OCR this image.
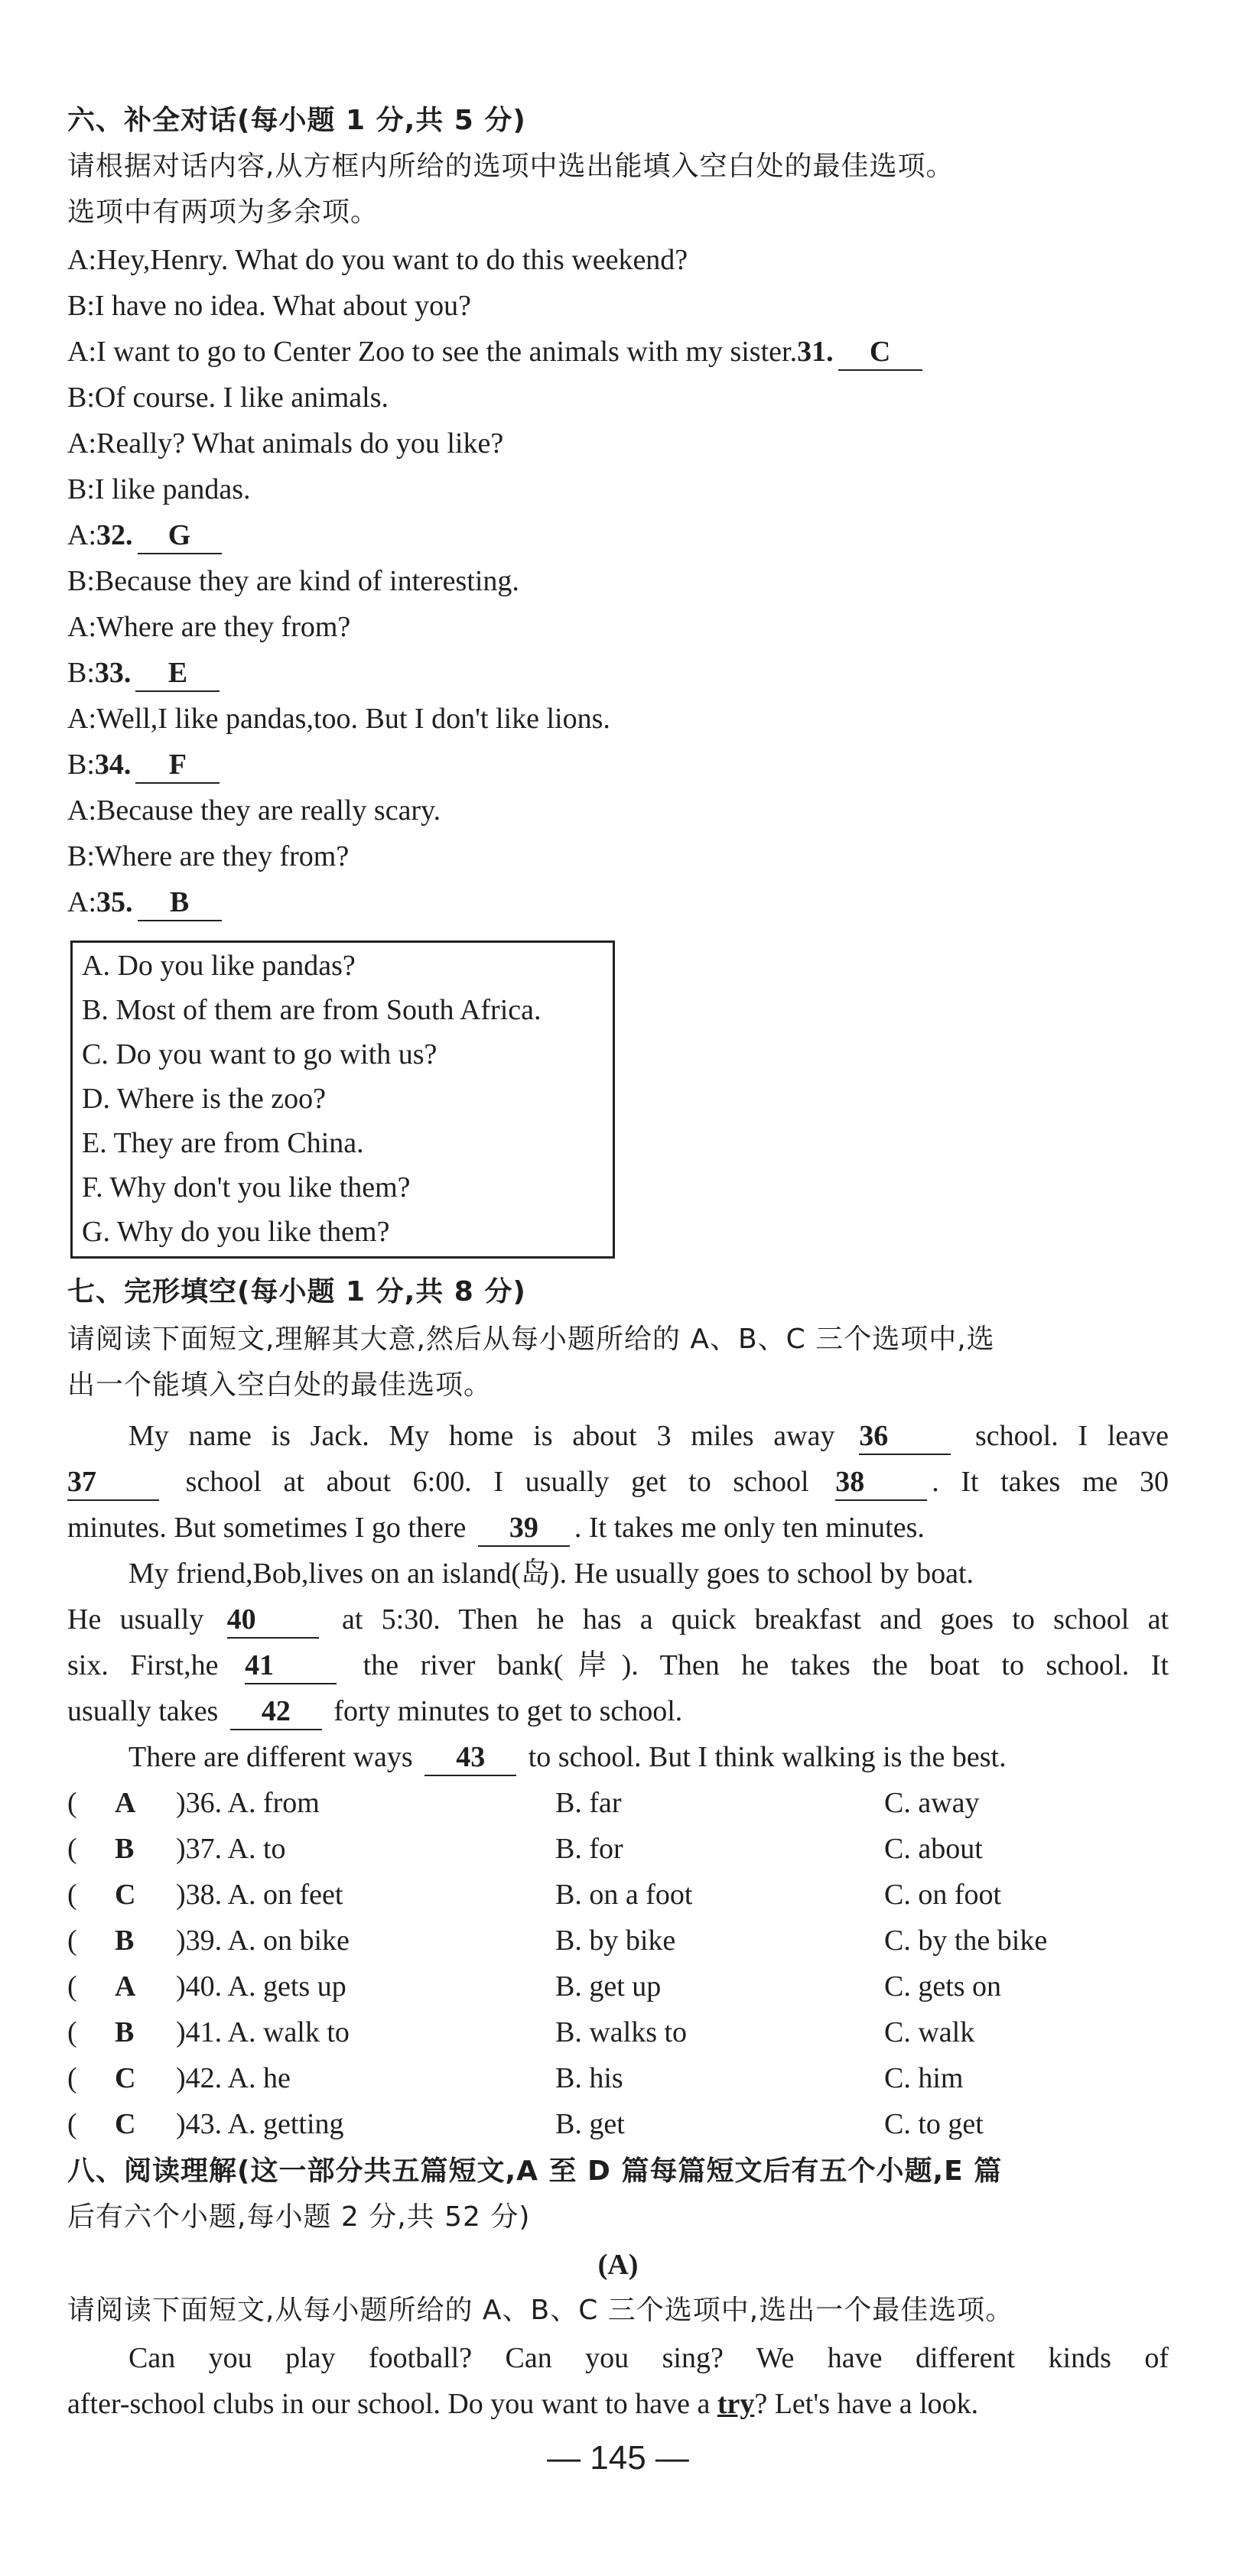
六、补全对话(每小题 1 分,共 5 分)
请根据对话内容,从方框内所给的选项中选出能填入空白处的最佳选项。
选项中有两项为多余项。
A:Hey,Henry. What do you want to do this weekend?
B:I have no idea. What about you?
A:I want to go to Center Zoo to see the animals with my sister.31. C
B:Of course. I like animals.
A:Really? What animals do you like?
B:I like pandas.
A:32. G
B:Because they are kind of interesting.
A:Where are they from?
B:33. E
A:Well,I like pandas,too. But I don't like lions.
B:34. F
A:Because they are really scary.
B:Where are they from?
A:35. B
A. Do you like pandas?
B. Most of them are from South Africa.
C. Do you want to go with us?
D. Where is the zoo?
E. They are from China.
F. Why don't you like them?
G. Why do you like them?
七、完形填空(每小题 1 分,共 8 分)
请阅读下面短文,理解其大意,然后从每小题所给的 A、B、C 三个选项中,选
出一个能填入空白处的最佳选项。
My name is Jack. My home is about 3 miles away 36	school. I leave
37	school at about 6:00. I usually get to school 38 . It takes me 30
minutes. But sometimes I go there 39 . It takes me only ten minutes.
My friend,Bob,lives on an island(岛). He usually goes to school by boat.
He usually 40	at 5:30. Then he has a quick breakfast and goes to school at
six. First,he 41	the river bank(岸). Then he takes the boat to school. It
usually takes 42 forty minutes to get to school.
There are different ways 43 to school. But I think walking is the best.
( A )36. A. from	B. far	C. away
( B )37. A. to	B. for	C. about
( C )38. A. on feet	B. on a foot	C. on foot
( B )39. A. on bike	B. by bike	C. by the bike
( A )40. A. gets up	B. get up	C. gets on
( B )41. A. walk to	B. walks to	C. walk
( C )42. A. he	B. his	C. him
( C )43. A. getting	B. get	C. to get
八、阅读理解(这一部分共五篇短文,A 至 D 篇每篇短文后有五个小题,E 篇
后有六个小题,每小题 2 分,共 52 分)
(A)
请阅读下面短文,从每小题所给的 A、B、C 三个选项中,选出一个最佳选项。
Can you play football? Can you sing? We have different kinds of
after-school clubs in our school. Do you want to have a try? Let's have a look.
— 145 —
